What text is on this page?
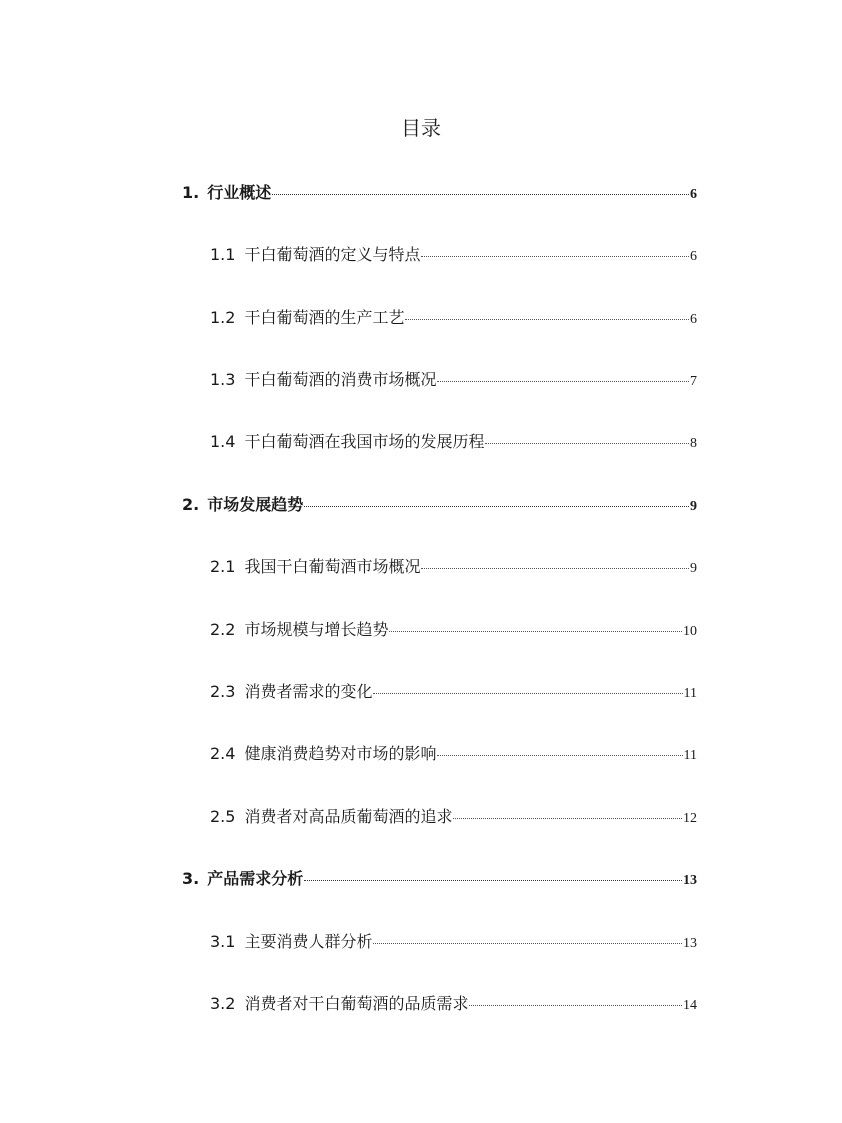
目录
1. 行业概述	6
1.1 干白葡萄酒的定义与特点	6
1.2 干白葡萄酒的生产工艺	6
1.3 干白葡萄酒的消费市场概况	7
1.4 干白葡萄酒在我国市场的发展历程	8
2. 市场发展趋势	9
2.1 我国干白葡萄酒市场概况	9
2.2 市场规模与增长趋势	10
2.3 消费者需求的变化	11
2.4 健康消费趋势对市场的影响	11
2.5 消费者对高品质葡萄酒的追求	12
3. 产品需求分析	13
3.1 主要消费人群分析	13
3.2 消费者对干白葡萄酒的品质需求	14
